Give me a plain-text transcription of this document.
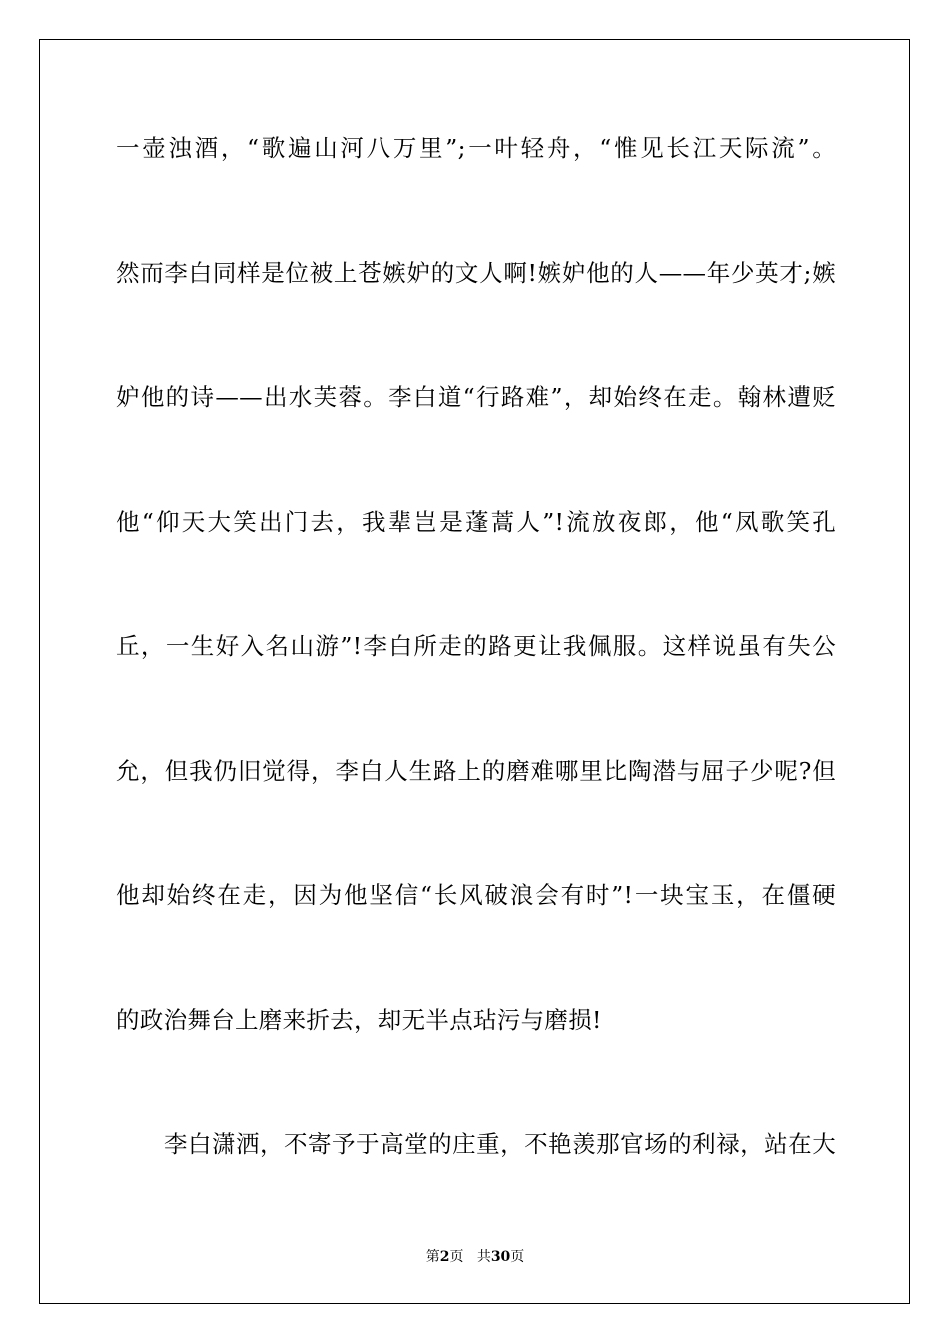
一壶浊酒，“歌遍山河八万里”;一叶轻舟，“惟见长江天际流”。
然而李白同样是位被上苍嫉妒的文人啊!嫉妒他的人——年少英才;嫉
妒他的诗——出水芙蓉。李白道“行路难”，却始终在走。翰林遭贬
他“仰天大笑出门去，我辈岂是蓬蒿人”!流放夜郎，他“凤歌笑孔
丘，一生好入名山游”!李白所走的路更让我佩服。这样说虽有失公
允，但我仍旧觉得，李白人生路上的磨难哪里比陶潜与屈子少呢?但
他却始终在走，因为他坚信“长风破浪会有时”!一块宝玉，在僵硬
的政治舞台上磨来折去，却无半点玷污与磨损!
李白潇洒，不寄予于高堂的庄重，不艳羡那官场的利禄，站在大
第2页 共30页
